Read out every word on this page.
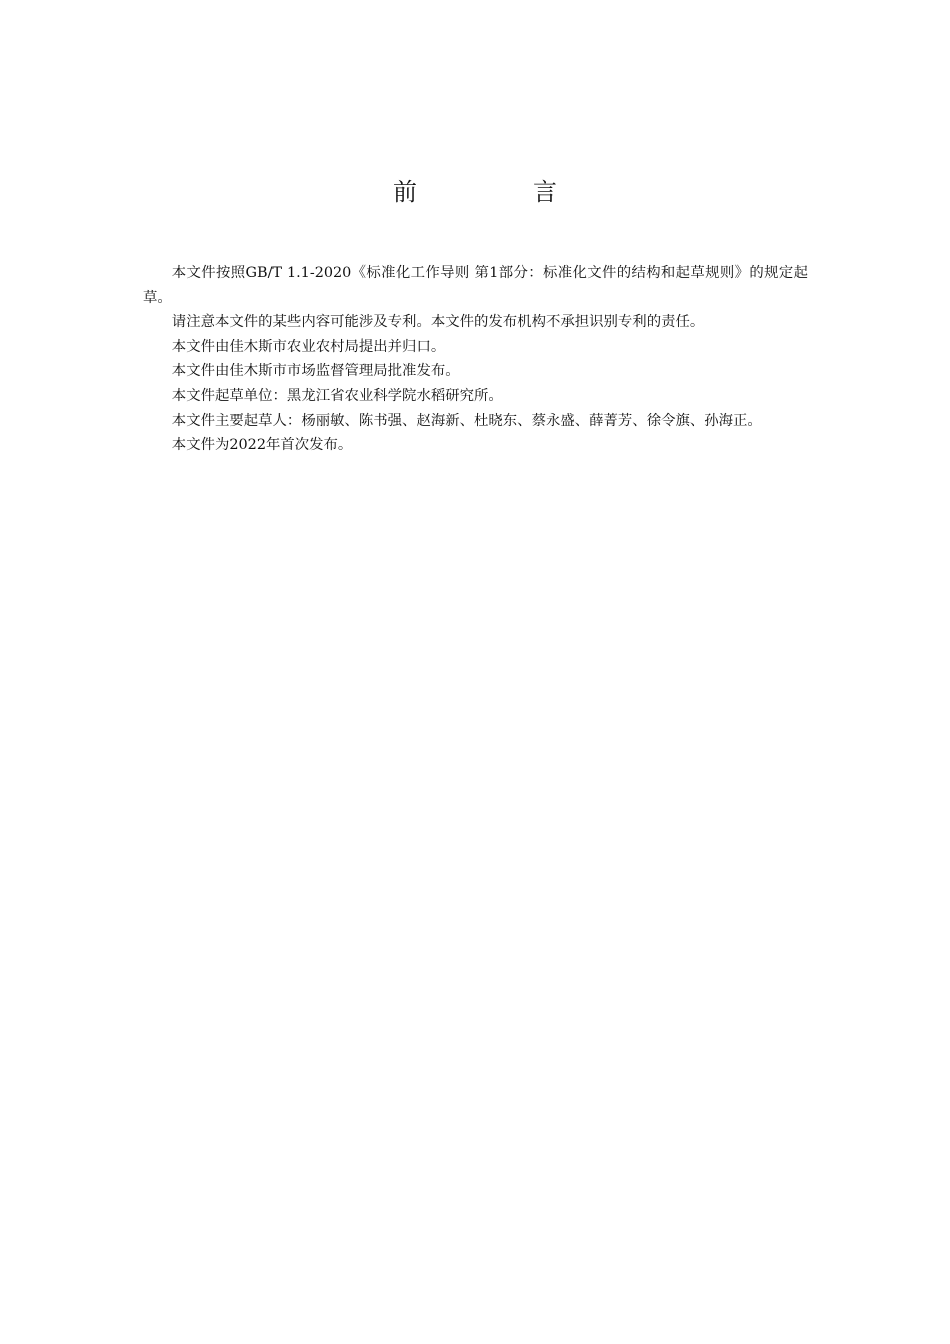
前　言

本文件按照GB/T 1.1-2020《标准化工作导则 第1部分：标准化文件的结构和起草规则》的规定起草。

请注意本文件的某些内容可能涉及专利。本文件的发布机构不承担识别专利的责任。

本文件由佳木斯市农业农村局提出并归口。

本文件由佳木斯市市场监督管理局批准发布。

本文件起草单位：黑龙江省农业科学院水稻研究所。

本文件主要起草人：杨丽敏、陈书强、赵海新、杜晓东、蔡永盛、薛菁芳、徐令旗、孙海正。

本文件为2022年首次发布。
